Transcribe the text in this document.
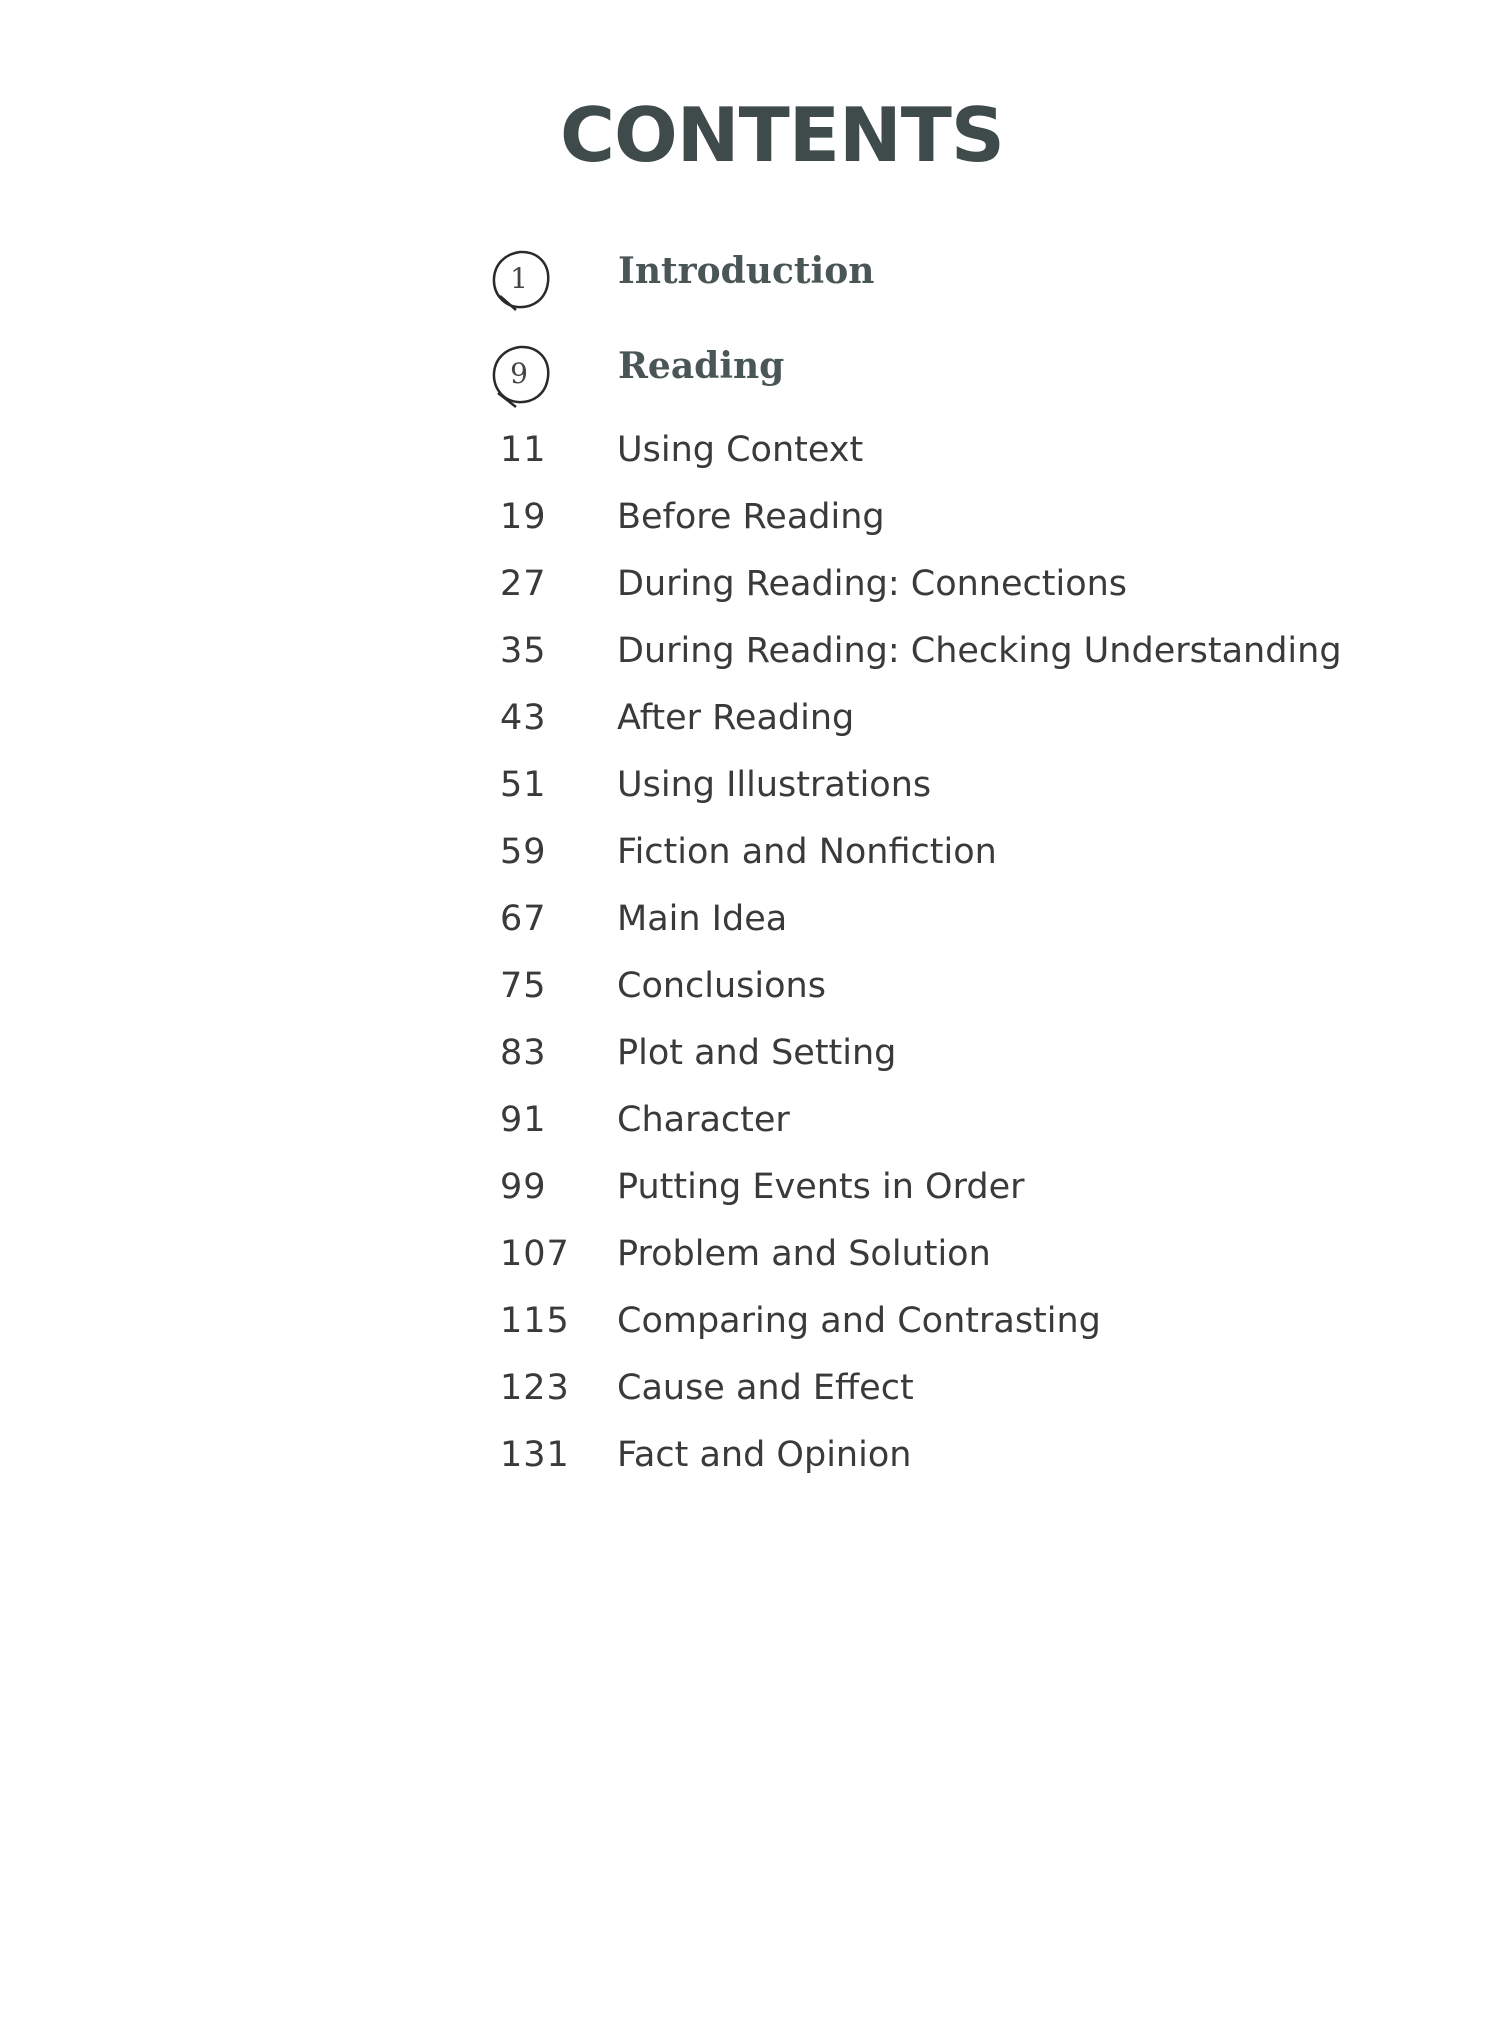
CONTENTS
1	Introduction
9	Reading
11	Using Context
19	Before Reading
27	During Reading: Connections
35	During Reading: Checking Understanding
43	After Reading
51	Using Illustrations
59	Fiction and Nonfiction
67	Main Idea
75	Conclusions
83	Plot and Setting
91	Character
99	Putting Events in Order
107	Problem and Solution
115	Comparing and Contrasting
123	Cause and Effect
131	Fact and Opinion
